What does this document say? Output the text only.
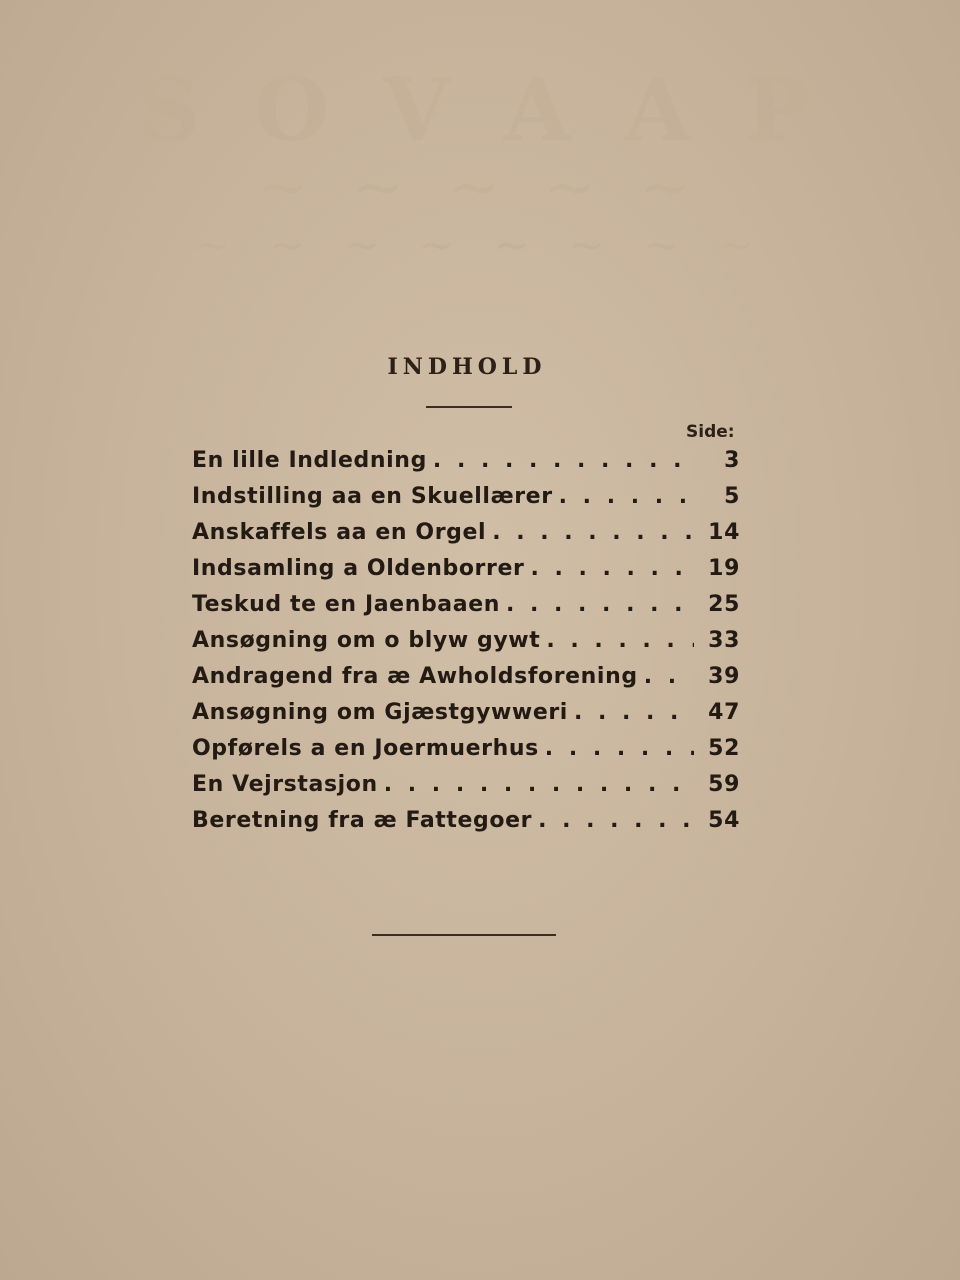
S O V A A P
~ ~ ~ ~ ~
~ ~ ~ ~ ~ ~ ~ ~
INDHOLD
Side:
En lille Indledning . . .	3
Indstilling aa en Skuellærer . . .	5
Anskaffels aa en Orgel . . .	14
Indsamling a Oldenborrer . . .	19
Teskud te en Jaenbaaen . . .	25
Ansøgning om o blyw gywt . . .	33
Andragend fra æ Awholdsforening . . .	39
Ansøgning om Gjæstgywweri . . .	47
Opførels a en Joermuerhus . . .	52
En Vejrstasjon . . .	59
Beretning fra æ Fattegoer . . .	54
